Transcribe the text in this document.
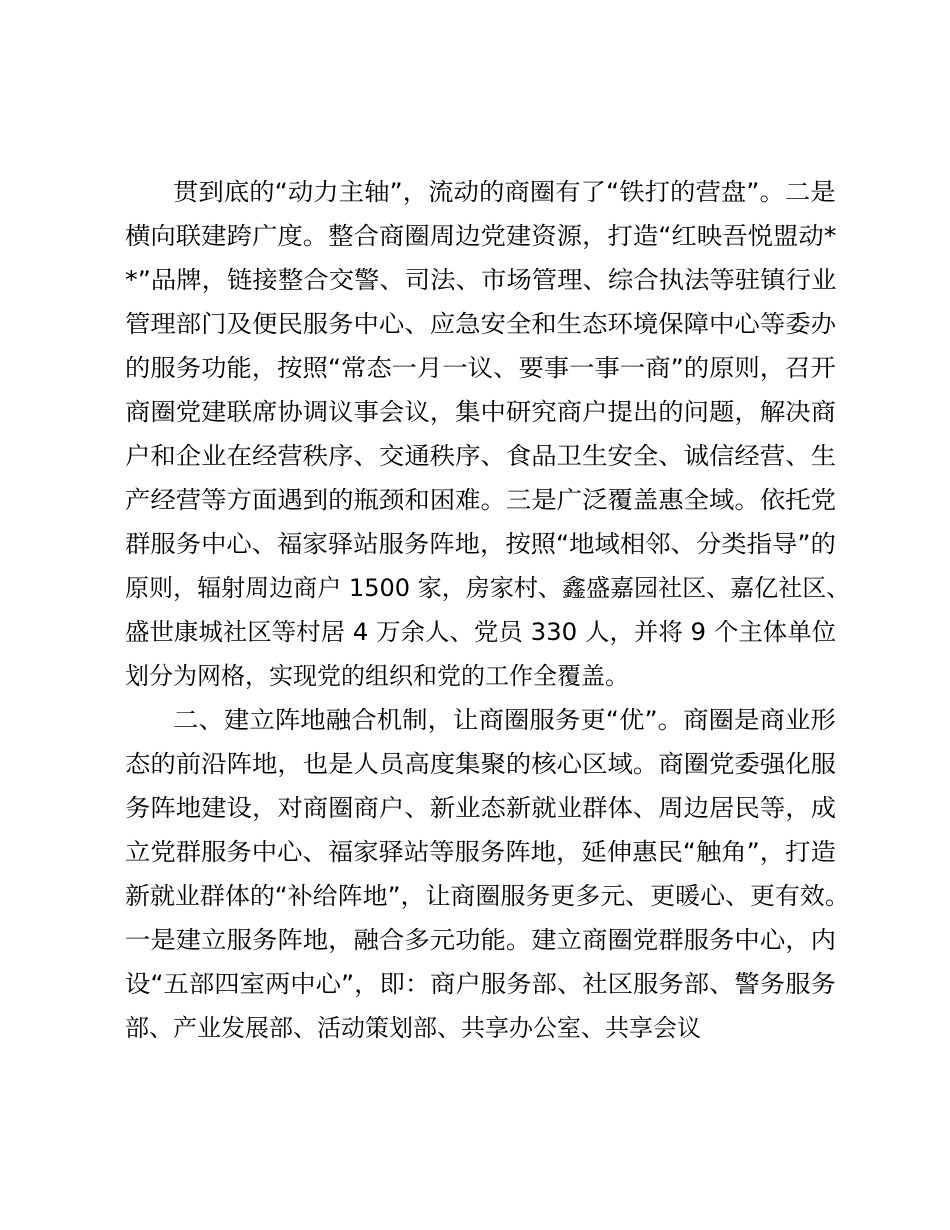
贯到底的“动力主轴”，流动的商圈有了“铁打的营盘”。二是
横向联建跨广度。整合商圈周边党建资源，打造“红映吾悦盟动*
*”品牌，链接整合交警、司法、市场管理、综合执法等驻镇行业
管理部门及便民服务中心、应急安全和生态环境保障中心等委办
的服务功能，按照“常态一月一议、要事一事一商”的原则，召开
商圈党建联席协调议事会议，集中研究商户提出的问题，解决商
户和企业在经营秩序、交通秩序、食品卫生安全、诚信经营、生
产经营等方面遇到的瓶颈和困难。三是广泛覆盖惠全域。依托党
群服务中心、福家驿站服务阵地，按照“地域相邻、分类指导”的
原则，辐射周边商户 1500 家，房家村、鑫盛嘉园社区、嘉亿社区、
盛世康城社区等村居 4 万余人、党员 330 人，并将 9 个主体单位
划分为网格，实现党的组织和党的工作全覆盖。
二、建立阵地融合机制，让商圈服务更“优”。商圈是商业形
态的前沿阵地，也是人员高度集聚的核心区域。商圈党委强化服
务阵地建设，对商圈商户、新业态新就业群体、周边居民等，成
立党群服务中心、福家驿站等服务阵地，延伸惠民“触角”，打造
新就业群体的“补给阵地”，让商圈服务更多元、更暖心、更有效。
一是建立服务阵地，融合多元功能。建立商圈党群服务中心，内
设“五部四室两中心”，即：商户服务部、社区服务部、警务服务
部、产业发展部、活动策划部、共享办公室、共享会议
